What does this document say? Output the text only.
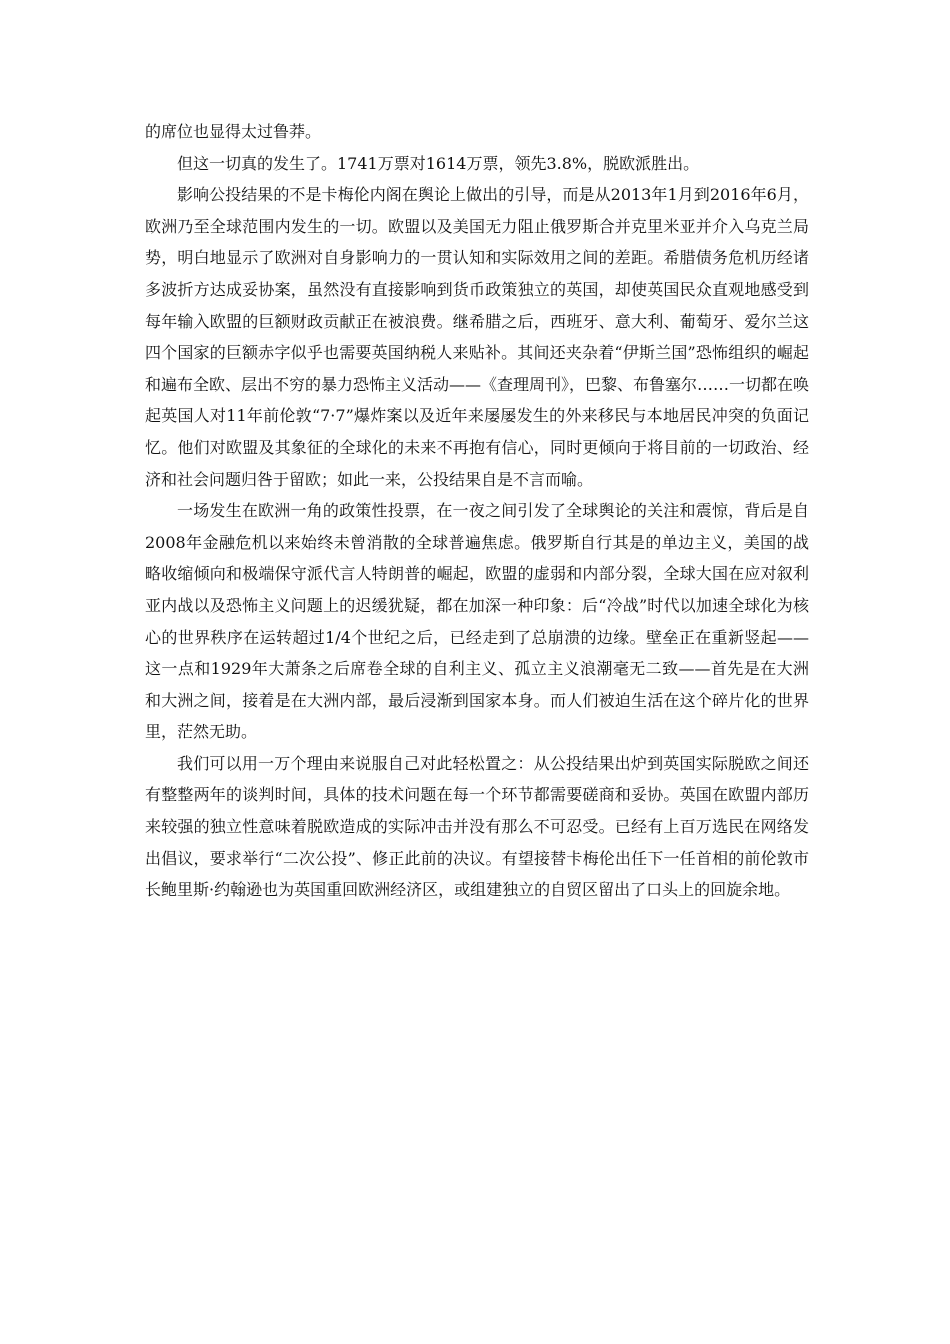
的席位也显得太过鲁莽。

但这一切真的发生了。1741万票对1614万票，领先3.8%，脱欧派胜出。

影响公投结果的不是卡梅伦内阁在舆论上做出的引导，而是从2013年1月到2016年6月，欧洲乃至全球范围内发生的一切。欧盟以及美国无力阻止俄罗斯合并克里米亚并介入乌克兰局势，明白地显示了欧洲对自身影响力的一贯认知和实际效用之间的差距。希腊债务危机历经诸多波折方达成妥协案，虽然没有直接影响到货币政策独立的英国，却使英国民众直观地感受到每年输入欧盟的巨额财政贡献正在被浪费。继希腊之后，西班牙、意大利、葡萄牙、爱尔兰这四个国家的巨额赤字似乎也需要英国纳税人来贴补。其间还夹杂着“伊斯兰国”恐怖组织的崛起和遍布全欧、层出不穷的暴力恐怖主义活动——《查理周刊》，巴黎、布鲁塞尔……一切都在唤起英国人对11年前伦敦“7·7”爆炸案以及近年来屡屡发生的外来移民与本地居民冲突的负面记忆。他们对欧盟及其象征的全球化的未来不再抱有信心，同时更倾向于将目前的一切政治、经济和社会问题归咎于留欧；如此一来，公投结果自是不言而喻。

一场发生在欧洲一角的政策性投票，在一夜之间引发了全球舆论的关注和震惊，背后是自2008年金融危机以来始终未曾消散的全球普遍焦虑。俄罗斯自行其是的单边主义，美国的战略收缩倾向和极端保守派代言人特朗普的崛起，欧盟的虚弱和内部分裂，全球大国在应对叙利亚内战以及恐怖主义问题上的迟缓犹疑，都在加深一种印象：后“冷战”时代以加速全球化为核心的世界秩序在运转超过1/4个世纪之后，已经走到了总崩溃的边缘。壁垒正在重新竖起——这一点和1929年大萧条之后席卷全球的自利主义、孤立主义浪潮毫无二致——首先是在大洲和大洲之间，接着是在大洲内部，最后浸渐到国家本身。而人们被迫生活在这个碎片化的世界里，茫然无助。

我们可以用一万个理由来说服自己对此轻松置之：从公投结果出炉到英国实际脱欧之间还有整整两年的谈判时间，具体的技术问题在每一个环节都需要磋商和妥协。英国在欧盟内部历来较强的独立性意味着脱欧造成的实际冲击并没有那么不可忍受。已经有上百万选民在网络发出倡议，要求举行“二次公投”、修正此前的决议。有望接替卡梅伦出任下一任首相的前伦敦市长鲍里斯·约翰逊也为英国重回欧洲经济区，或组建独立的自贸区留出了口头上的回旋余地。
